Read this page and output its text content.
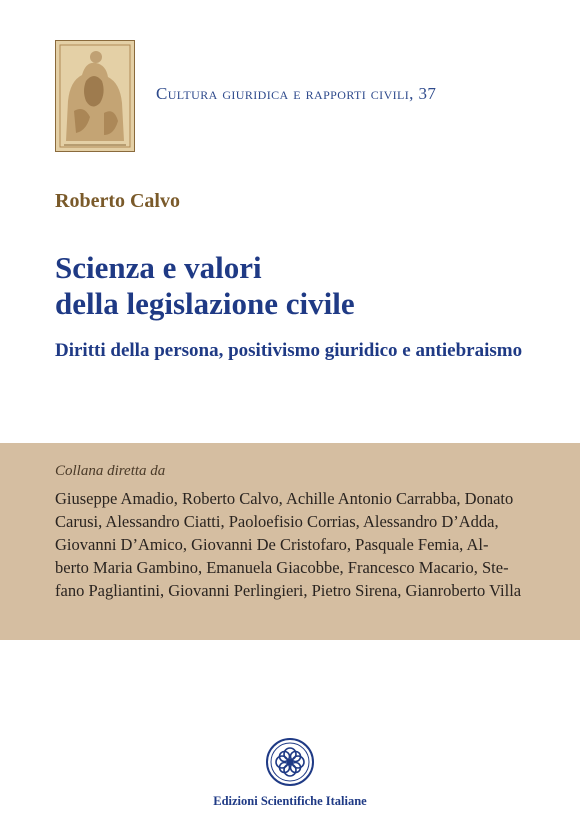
Cultura giuridica e rapporti civili, 37
Roberto Calvo
Scienza e valori
della legislazione civile
Diritti della persona, positivismo giuridico e antiebraismo
Collana diretta da
Giuseppe Amadio, Roberto Calvo, Achille Antonio Carrabba, Donato
Carusi, Alessandro Ciatti, Paoloefisio Corrias, Alessandro D’Adda,
Giovanni D’Amico, Giovanni De Cristofaro, Pasquale Femia, Al-
berto Maria Gambino, Emanuela Giacobbe, Francesco Macario, Ste-
fano Pagliantini, Giovanni Perlingieri, Pietro Sirena, Gianroberto Villa
Edizioni Scientifiche Italiane
